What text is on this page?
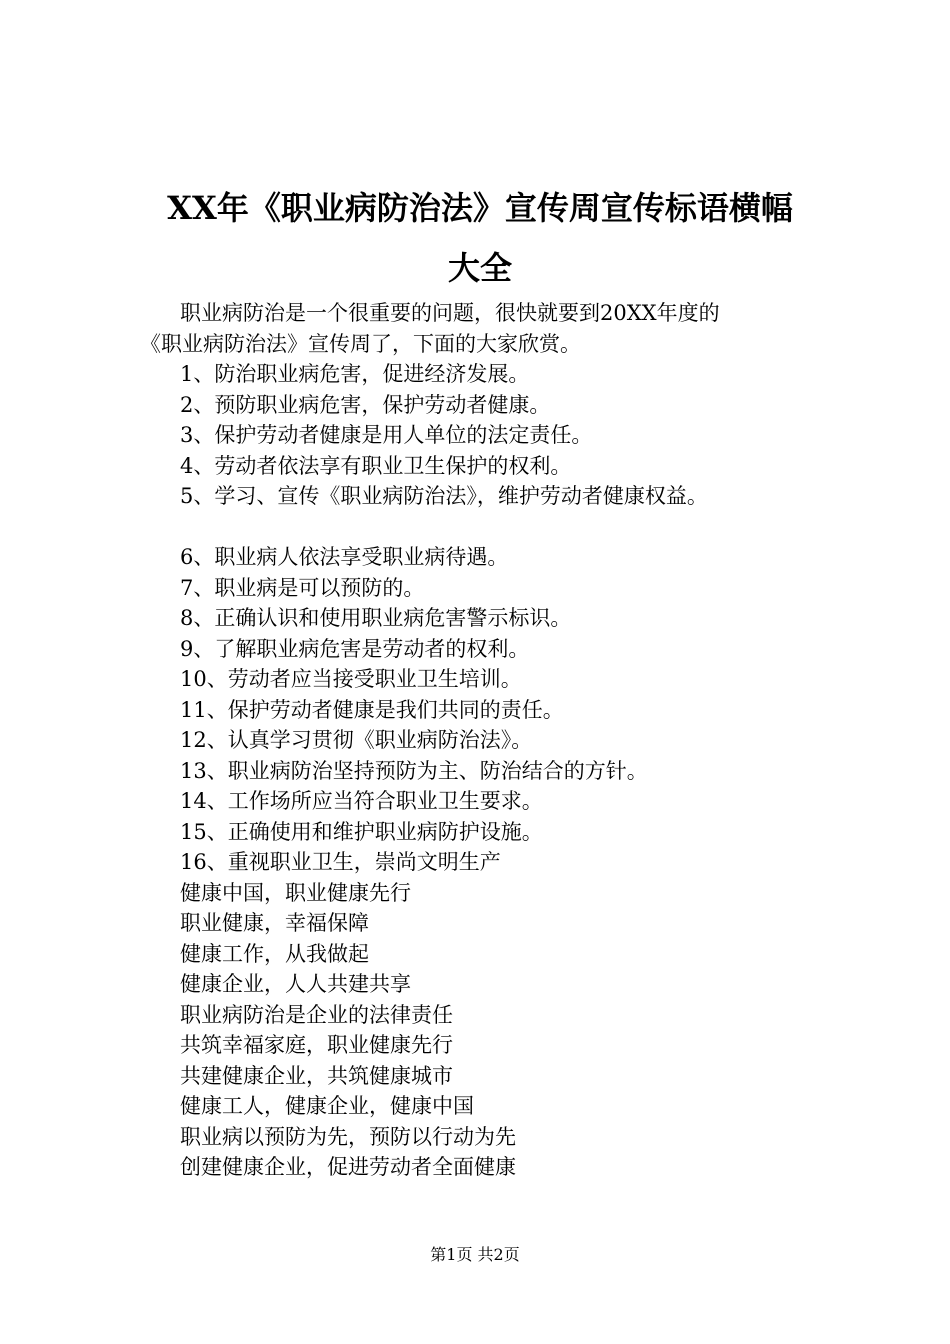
XX年《职业病防治法》宣传周宣传标语横幅
大全

职业病防治是一个很重要的问题，很快就要到20XX年度的

《职业病防治法》宣传周了，下面的大家欣赏。

1、防治职业病危害，促进经济发展。

2、预防职业病危害，保护劳动者健康。

3、保护劳动者健康是用人单位的法定责任。

4、劳动者依法享有职业卫生保护的权利。

5、学习、宣传《职业病防治法》，维护劳动者健康权益。

6、职业病人依法享受职业病待遇。

7、职业病是可以预防的。

8、正确认识和使用职业病危害警示标识。

9、了解职业病危害是劳动者的权利。

10、劳动者应当接受职业卫生培训。

11、保护劳动者健康是我们共同的责任。

12、认真学习贯彻《职业病防治法》。

13、职业病防治坚持预防为主、防治结合的方针。

14、工作场所应当符合职业卫生要求。

15、正确使用和维护职业病防护设施。

16、重视职业卫生，崇尚文明生产

健康中国，职业健康先行

职业健康，幸福保障

健康工作，从我做起

健康企业，人人共建共享

职业病防治是企业的法律责任

共筑幸福家庭，职业健康先行

共建健康企业，共筑健康城市

健康工人，健康企业，健康中国

职业病以预防为先，预防以行动为先

创建健康企业，促进劳动者全面健康

第1页 共2页
